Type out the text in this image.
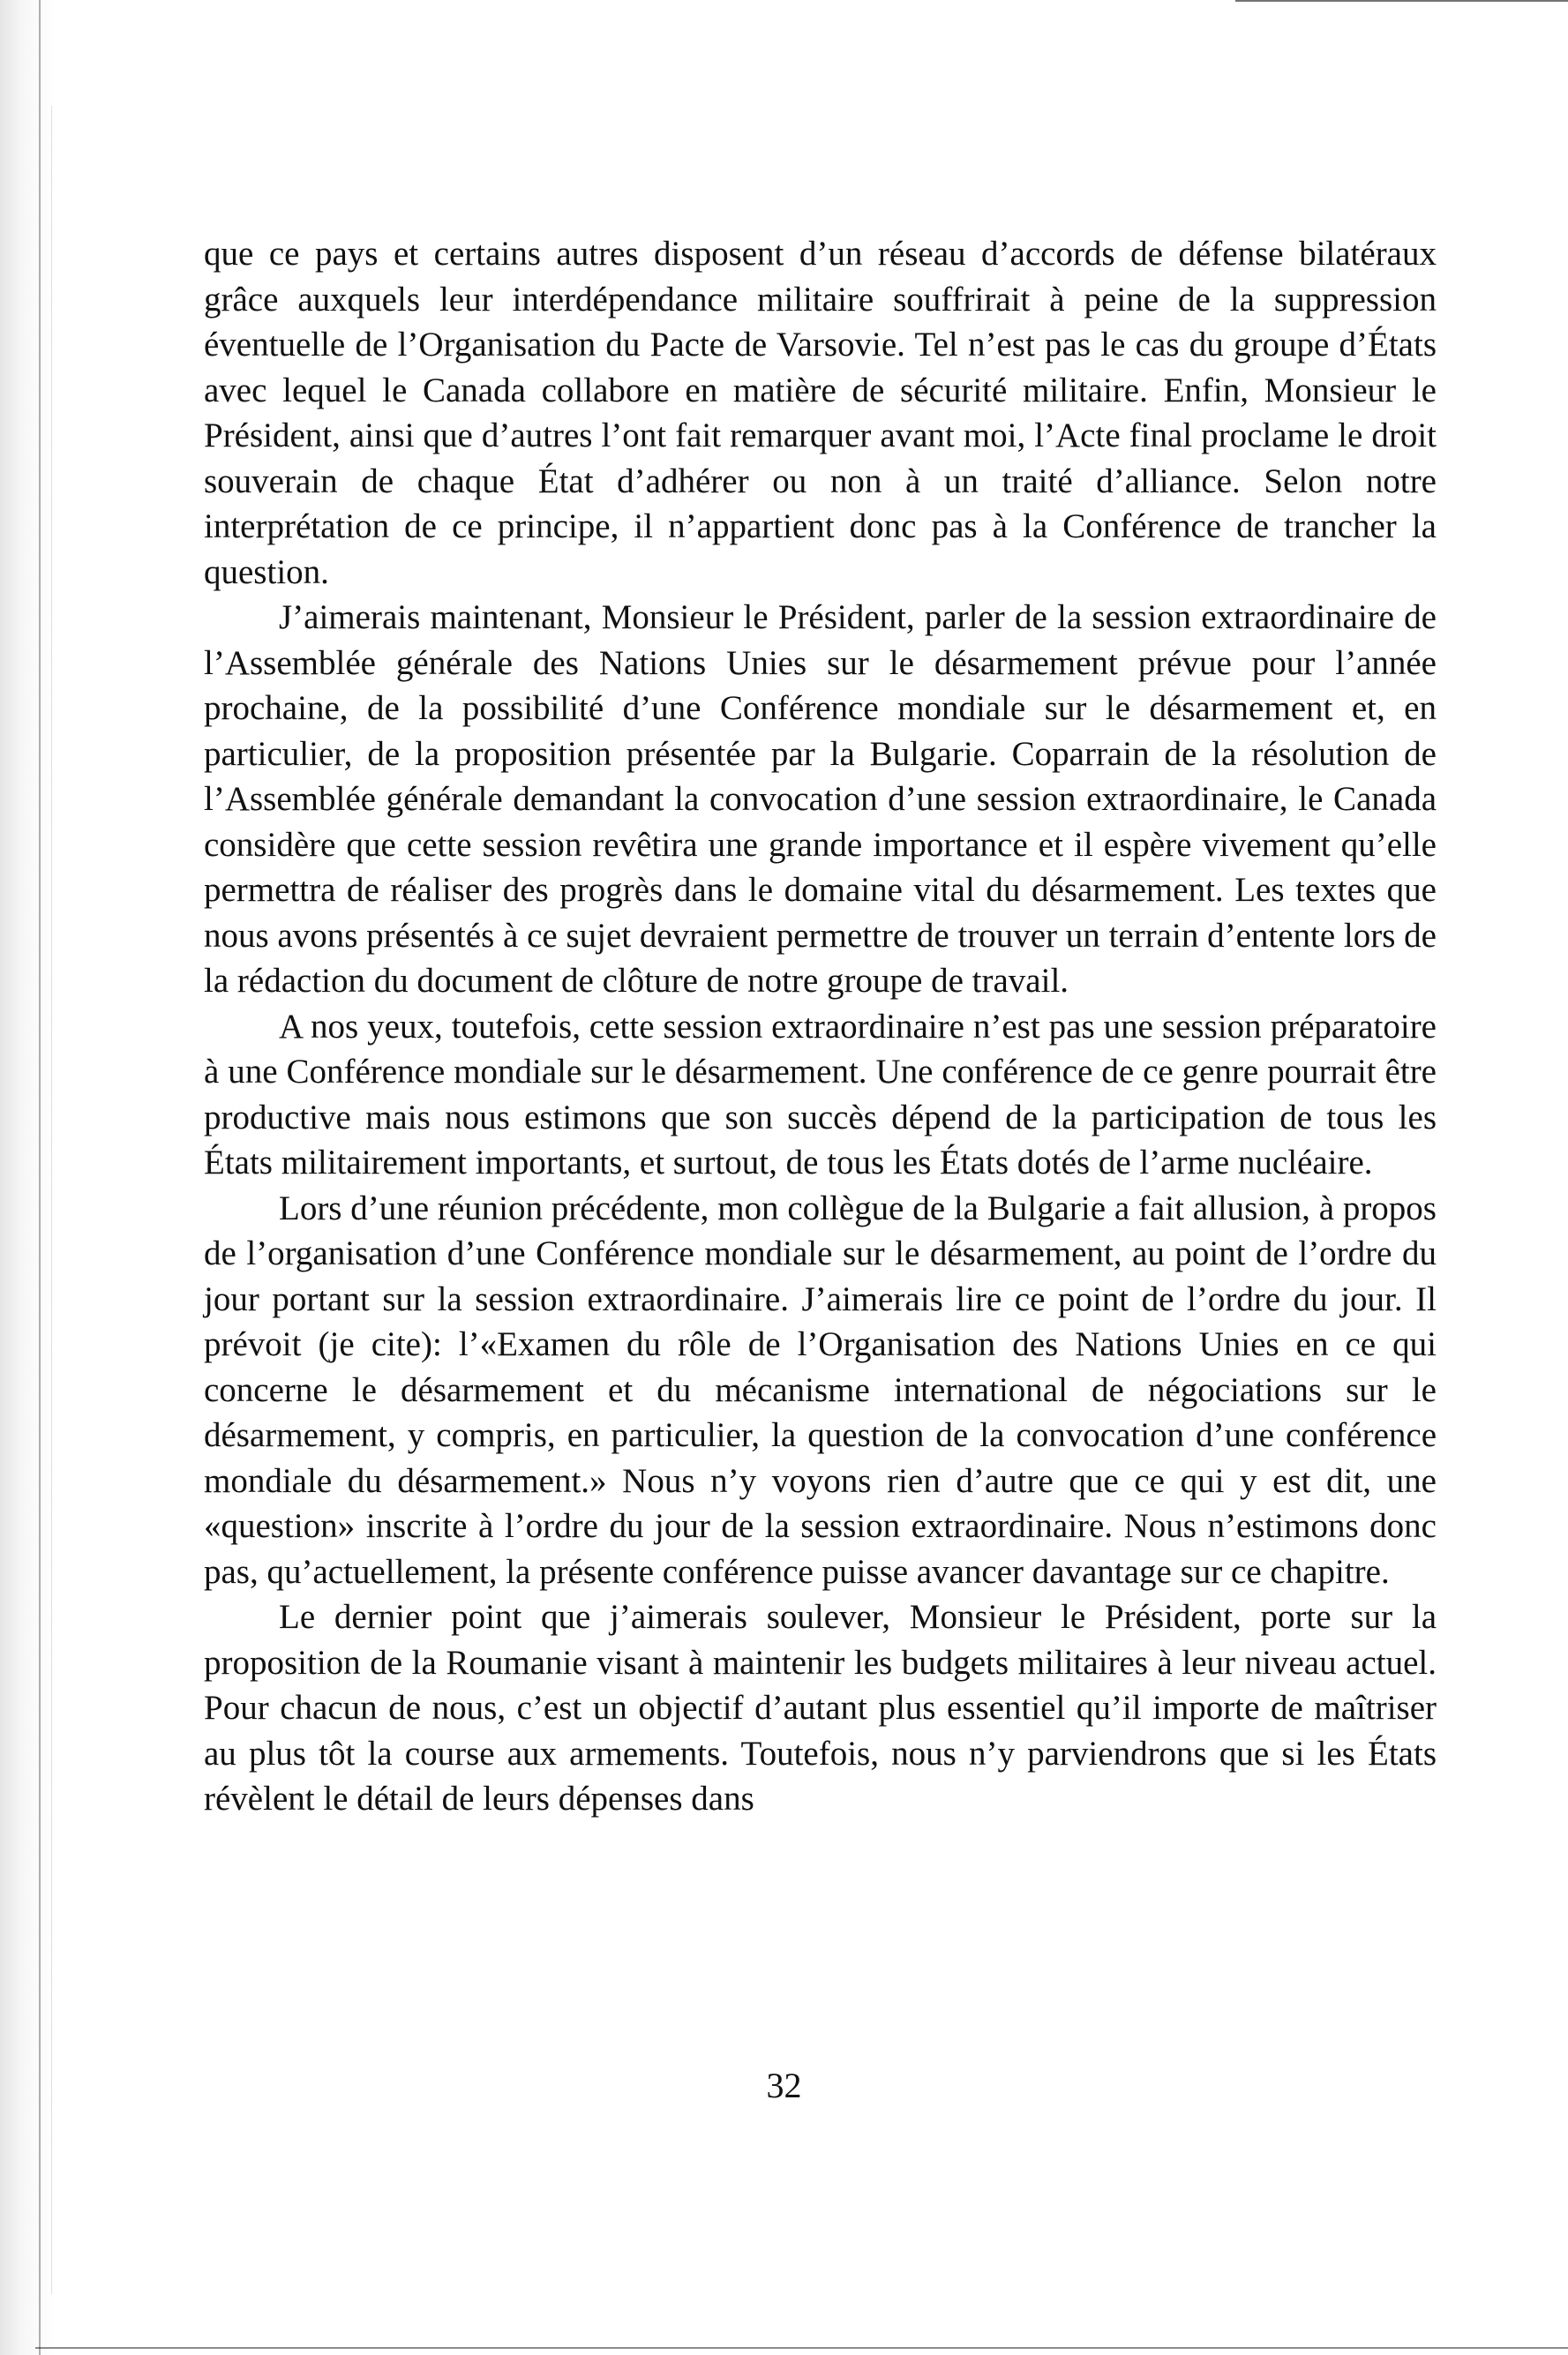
que ce pays et certains autres disposent d’un réseau d’accords de défense bilatéraux grâce auxquels leur interdépendance militaire souffrirait à peine de la suppression éventuelle de l’Organisation du Pacte de Varsovie. Tel n’est pas le cas du groupe d’États avec lequel le Canada collabore en matière de sécurité militaire. Enfin, Monsieur le Président, ainsi que d’autres l’ont fait remarquer avant moi, l’Acte final proclame le droit souverain de chaque État d’adhérer ou non à un traité d’alliance. Selon notre interprétation de ce principe, il n’appartient donc pas à la Conférence de trancher la question.

J’aimerais maintenant, Monsieur le Président, parler de la session extraordinaire de l’Assemblée générale des Nations Unies sur le désarmement prévue pour l’année prochaine, de la possibilité d’une Conférence mondiale sur le désarmement et, en particulier, de la proposition présentée par la Bulgarie. Coparrain de la résolution de l’Assemblée générale demandant la convocation d’une session extraordinaire, le Canada considère que cette session revêtira une grande importance et il espère vivement qu’elle permettra de réaliser des progrès dans le domaine vital du désarmement. Les textes que nous avons présentés à ce sujet devraient permettre de trouver un terrain d’entente lors de la rédaction du document de clôture de notre groupe de travail.

A nos yeux, toutefois, cette session extraordinaire n’est pas une session préparatoire à une Conférence mondiale sur le désarmement. Une conférence de ce genre pourrait être productive mais nous estimons que son succès dépend de la participation de tous les États militairement importants, et surtout, de tous les États dotés de l’arme nucléaire.

Lors d’une réunion précédente, mon collègue de la Bulgarie a fait allusion, à propos de l’organisation d’une Conférence mondiale sur le désarmement, au point de l’ordre du jour portant sur la session extraordinaire. J’aimerais lire ce point de l’ordre du jour. Il prévoit (je cite): l’«Examen du rôle de l’Organisation des Nations Unies en ce qui concerne le désarmement et du mécanisme international de négociations sur le désarmement, y compris, en particulier, la question de la convocation d’une conférence mondiale du désarmement.» Nous n’y voyons rien d’autre que ce qui y est dit, une «question» inscrite à l’ordre du jour de la session extraordinaire. Nous n’estimons donc pas, qu’actuellement, la présente conférence puisse avancer davantage sur ce chapitre.

Le dernier point que j’aimerais soulever, Monsieur le Président, porte sur la proposition de la Roumanie visant à maintenir les budgets militaires à leur niveau actuel. Pour chacun de nous, c’est un objectif d’autant plus essentiel qu’il importe de maîtriser au plus tôt la course aux armements. Toutefois, nous n’y parviendrons que si les États révèlent le détail de leurs dépenses dans

32
